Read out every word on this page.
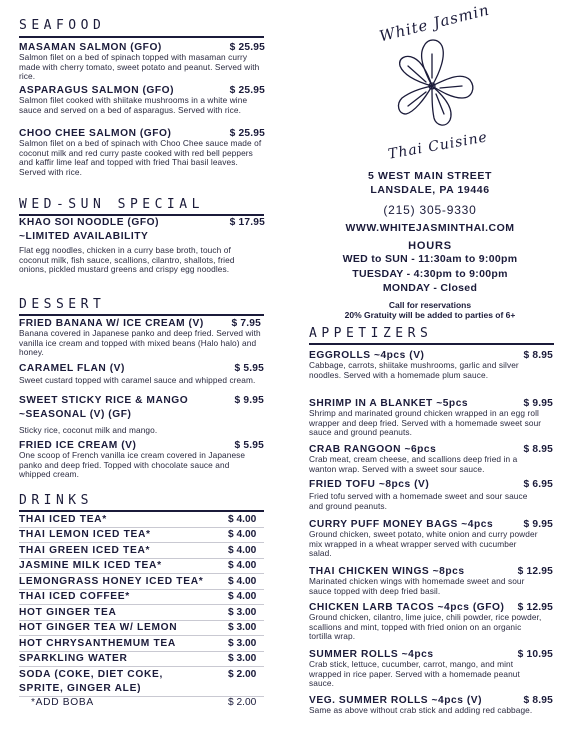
SEAFOOD
MASAMAN SALMON (GFO)	$ 25.95
Salmon filet on a bed of spinach topped with masaman curry made with cherry tomato, sweet potato and peanut. Served with rice.
ASPARAGUS SALMON (GFO)	$ 25.95
Salmon filet cooked with shiitake mushrooms in a white wine sauce and served on a bed of asparagus. Served with rice.
CHOO CHEE SALMON (GFO)	$ 25.95
Salmon filet on a bed of spinach with Choo Chee sauce made of coconut milk and red curry paste cooked with red bell peppers and kaffir lime leaf and topped with fried Thai basil leaves. Served with rice.
WED-SUN SPECIAL
KHAO SOI NOODLE (GFO)
~LIMITED AVAILABILITY
$ 17.95
Flat egg noodles, chicken in a curry base broth, touch of coconut milk, fish sauce, scallions, cilantro, shallots, fried onions, pickled mustard greens and crispy egg noodles.
DESSERT
FRIED BANANA W/ ICE CREAM (V)	$ 7.95
Banana covered in Japanese panko and deep fried. Served with vanilla ice cream and topped with mixed beans (Halo halo) and honey.
CARAMEL FLAN (V)	$ 5.95
Sweet custard topped with caramel sauce and whipped cream.
SWEET STICKY RICE & MANGO
~SEASONAL (V) (GF)
$ 9.95
Sticky rice, coconut milk and mango.
FRIED ICE CREAM (V)	$ 5.95
One scoop of French vanilla ice cream covered in Japanese panko and deep fried. Topped with chocolate sauce and whipped cream.
DRINKS
THAI ICED TEA*	$ 4.00
THAI LEMON ICED TEA*	$ 4.00
THAI GREEN ICED TEA*	$ 4.00
JASMINE MILK ICED TEA*	$ 4.00
LEMONGRASS HONEY ICED TEA*	$ 4.00
THAI ICED COFFEE*	$ 4.00
HOT GINGER TEA	$ 3.00
HOT GINGER TEA W/ LEMON	$ 3.00
HOT CHRYSANTHEMUM TEA	$ 3.00
SPARKLING WATER	$ 3.00
SODA (COKE, DIET COKE,
SPRITE, GINGER ALE)
$ 2.00
*ADD BOBA	$ 2.00
White Jasmin
Thai Cuisine
5 WEST MAIN STREET
LANSDALE, PA 19446
(215) 305-9330
WWW.WHITEJASMINTHAI.COM
HOURS
WED to SUN - 11:30am to 9:00pm
TUESDAY - 4:30pm to 9:00pm
MONDAY - Closed
Call for reservations
20% Gratuity will be added to parties of 6+
APPETIZERS
EGGROLLS ~4pcs (V)	$ 8.95
Cabbage, carrots, shiitake mushrooms, garlic and silver noodles. Served with a homemade plum sauce.
SHRIMP IN A BLANKET ~5pcs	$ 9.95
Shrimp and marinated ground chicken wrapped in an egg roll wrapper and deep fried. Served with a homemade sweet sour sauce and ground peanuts.
CRAB RANGOON ~6pcs	$ 8.95
Crab meat, cream cheese, and scallions deep fried in a wanton wrap. Served with a sweet sour sauce.
FRIED TOFU ~8pcs (V)	$ 6.95
Fried tofu served with a homemade sweet and sour sauce and ground peanuts.
CURRY PUFF MONEY BAGS ~4pcs	$ 9.95
Ground chicken, sweet potato, white onion and curry powder mix wrapped in a wheat wrapper served with cucumber salad.
THAI CHICKEN WINGS ~8pcs	$ 12.95
Marinated chicken wings with homemade sweet and sour sauce topped with deep fried basil.
CHICKEN LARB TACOS ~4pcs (GFO)	$ 12.95
Ground chicken, cilantro, lime juice, chili powder, rice powder, scallions and mint, topped with fried onion on an organic tortilla wrap.
SUMMER ROLLS ~4pcs	$ 10.95
Crab stick, lettuce, cucumber, carrot, mango, and mint wrapped in rice paper. Served with a homemade peanut sauce.
VEG. SUMMER ROLLS ~4pcs (V)	$ 8.95
Same as above without crab stick and adding red cabbage.
